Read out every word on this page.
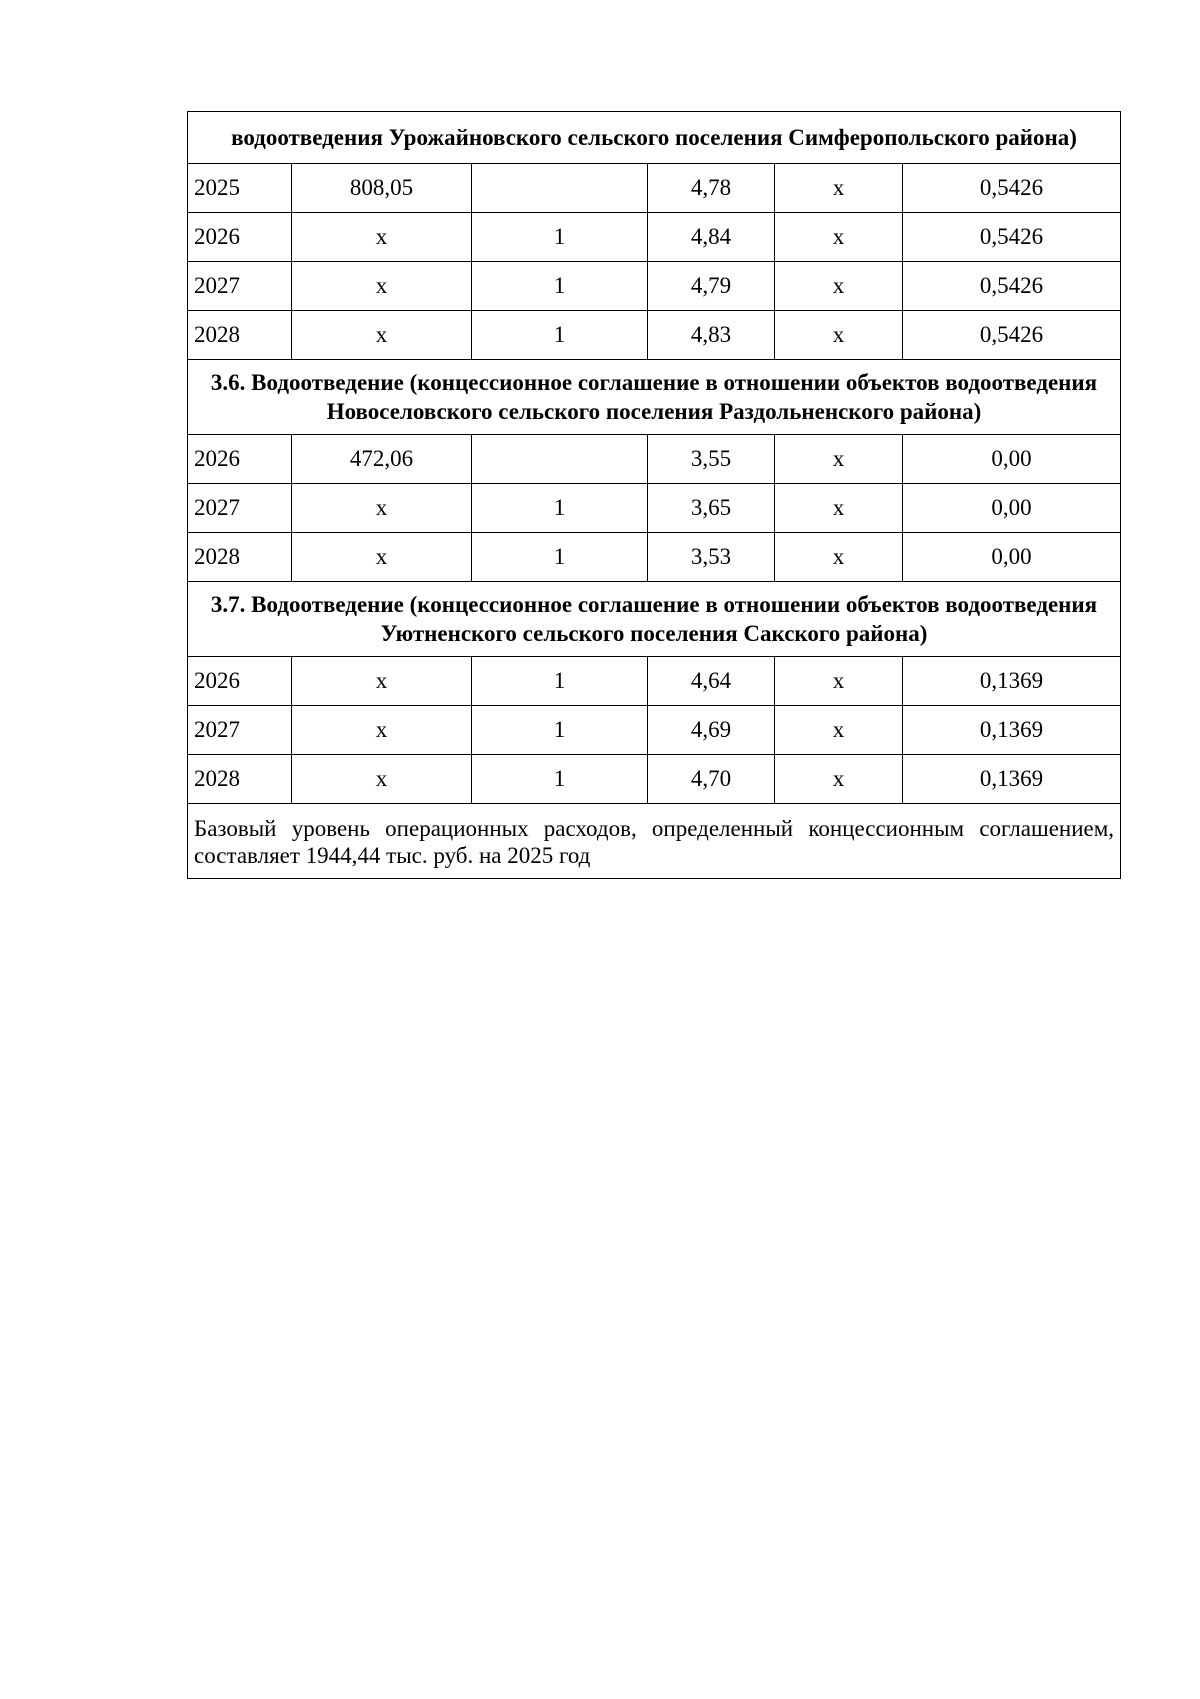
водоотведения Урожайновского сельского поселения Симферопольского района)					
2025	808,05		4,78	x	0,5426
2026	x	1	4,84	x	0,5426
2027	x	1	4,79	x	0,5426
2028	x	1	4,83	x	0,5426
3.6. Водоотведение (концессионное соглашение в отношении объектов водоотведения Новоселовского сельского поселения Раздольненского района)					
2026	472,06		3,55	x	0,00
2027	x	1	3,65	x	0,00
2028	x	1	3,53	x	0,00
3.7. Водоотведение (концессионное соглашение в отношении объектов водоотведения Уютненского сельского поселения Сакского района)					
2026	x	1	4,64	x	0,1369
2027	x	1	4,69	x	0,1369
2028	x	1	4,70	x	0,1369
Базовый уровень операционных расходов, определенный концессионным соглашением, составляет 1944,44 тыс. руб. на 2025 год					
